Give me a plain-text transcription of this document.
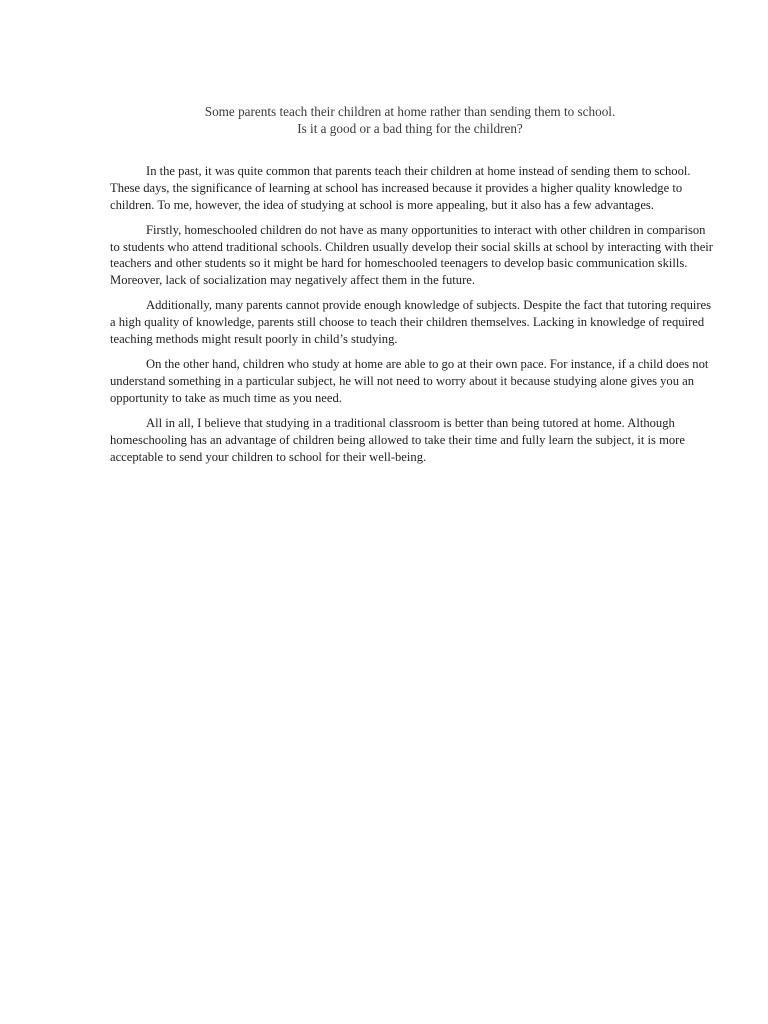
Some parents teach their children at home rather than sending them to school.
Is it a good or a bad thing for the children?

In the past, it was quite common that parents teach their children at home instead of sending them to school. These days, the significance of learning at school has increased because it provides a higher quality knowledge to children. To me, however, the idea of studying at school is more appealing, but it also has a few advantages.

Firstly, homeschooled children do not have as many opportunities to interact with other children in comparison to students who attend traditional schools. Children usually develop their social skills at school by interacting with their teachers and other students so it might be hard for homeschooled teenagers to develop basic communication skills. Moreover, lack of socialization may negatively affect them in the future.

Additionally, many parents cannot provide enough knowledge of subjects. Despite the fact that tutoring requires a high quality of knowledge, parents still choose to teach their children themselves. Lacking in knowledge of required teaching methods might result poorly in child’s studying.

On the other hand, children who study at home are able to go at their own pace. For instance, if a child does not understand something in a particular subject, he will not need to worry about it because studying alone gives you an opportunity to take as much time as you need.

All in all, I believe that studying in a traditional classroom is better than being tutored at home. Although homeschooling has an advantage of children being allowed to take their time and fully learn the subject, it is more acceptable to send your children to school for their well-being.
